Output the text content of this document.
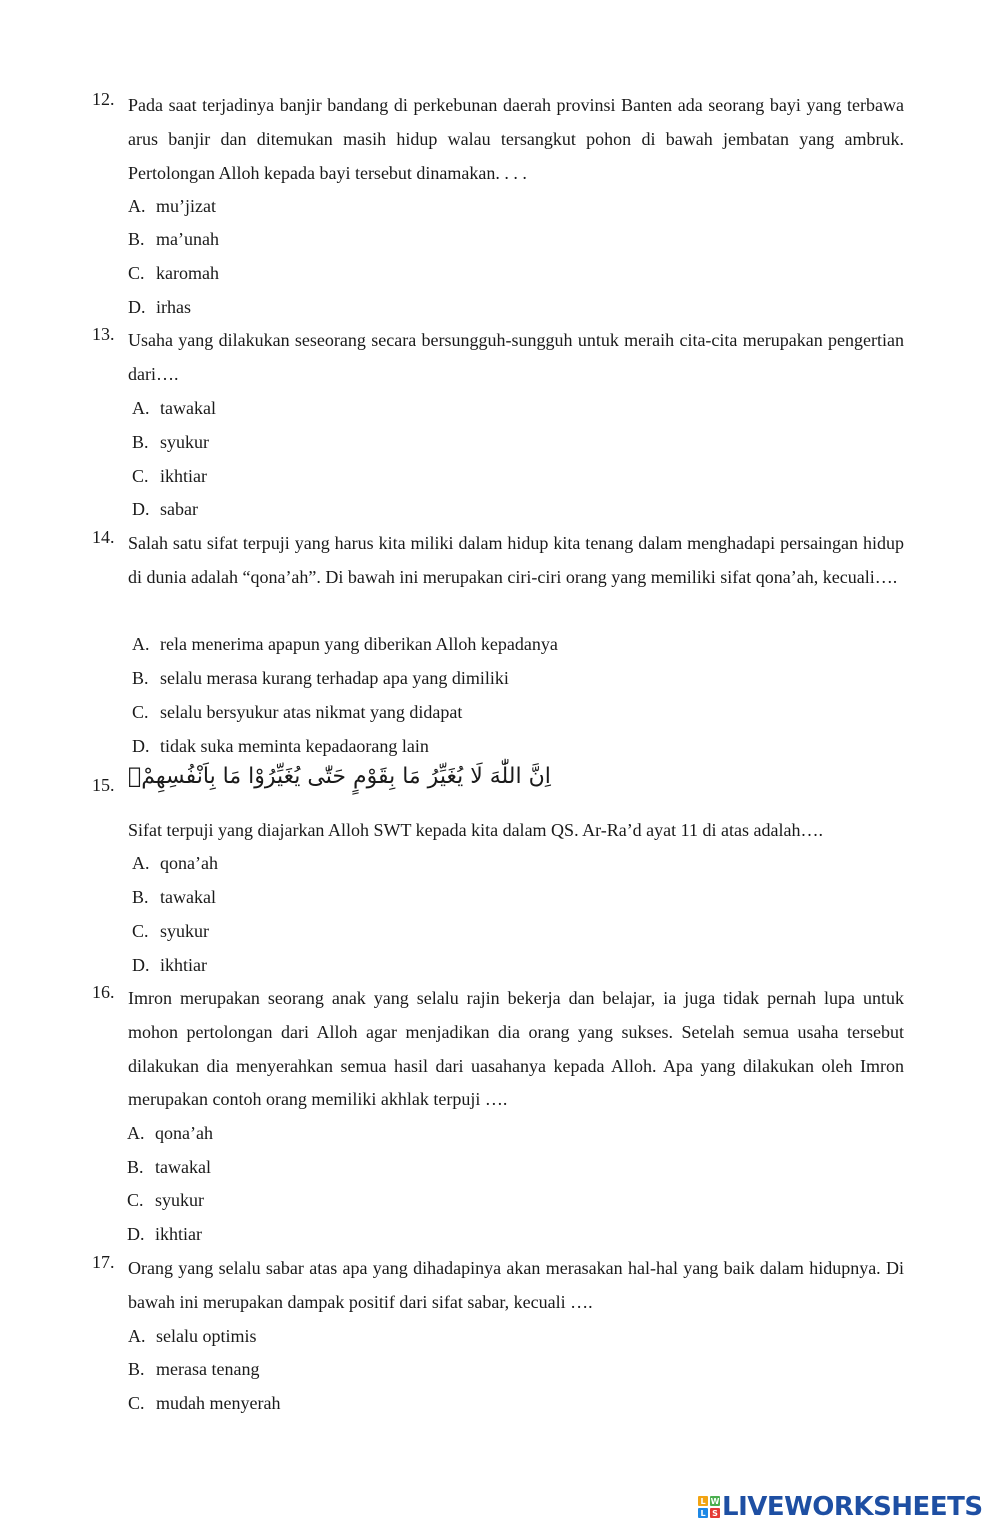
12. Pada saat terjadinya banjir bandang di perkebunan daerah provinsi Banten ada seorang bayi yang terbawa arus banjir dan ditemukan masih hidup walau tersangkut pohon di bawah jembatan yang ambruk. Pertolongan Alloh kepada bayi tersebut dinamakan. . . .
A. mu’jizat
B. ma’unah
C. karomah
D. irhas
13. Usaha yang dilakukan seseorang secara bersungguh-sungguh untuk meraih cita-cita merupakan pengertian dari….
A. tawakal
B. syukur
C. ikhtiar
D. sabar
14. Salah satu sifat terpuji yang harus kita miliki dalam hidup kita tenang dalam menghadapi persaingan hidup di dunia adalah “qona’ah”. Di bawah ini merupakan ciri-ciri orang yang memiliki sifat qona’ah, kecuali….
A. rela menerima apapun yang diberikan Alloh kepadanya
B. selalu merasa kurang terhadap apa yang dimiliki
C. selalu bersyukur atas nikmat yang didapat
D. tidak suka meminta kepadaorang lain
15. اِنَّ اللّٰهَ لَا يُغَيِّرُ مَا بِقَوْمٍ حَتّٰى يُغَيِّرُوْا مَا بِاَنْفُسِهِمْۗ
Sifat terpuji yang diajarkan Alloh SWT kepada kita dalam QS. Ar-Ra’d ayat 11 di atas adalah….
A. qona’ah
B. tawakal
C. syukur
D. ikhtiar
16. Imron merupakan seorang anak yang selalu rajin bekerja dan belajar, ia juga tidak pernah lupa untuk mohon pertolongan dari Alloh agar menjadikan dia orang yang sukses. Setelah semua usaha tersebut dilakukan dia menyerahkan semua hasil dari uasahanya kepada Alloh. Apa yang dilakukan oleh Imron merupakan contoh orang memiliki akhlak terpuji ….
A. qona’ah
B. tawakal
C. syukur
D. ikhtiar
17. Orang yang selalu sabar atas apa yang dihadapinya akan merasakan hal-hal yang baik dalam hidupnya. Di bawah ini merupakan dampak positif dari sifat sabar, kecuali ….
A. selalu optimis
B. merasa tenang
C. mudah menyerah
L W
L S LIVEWORKSHEETS
